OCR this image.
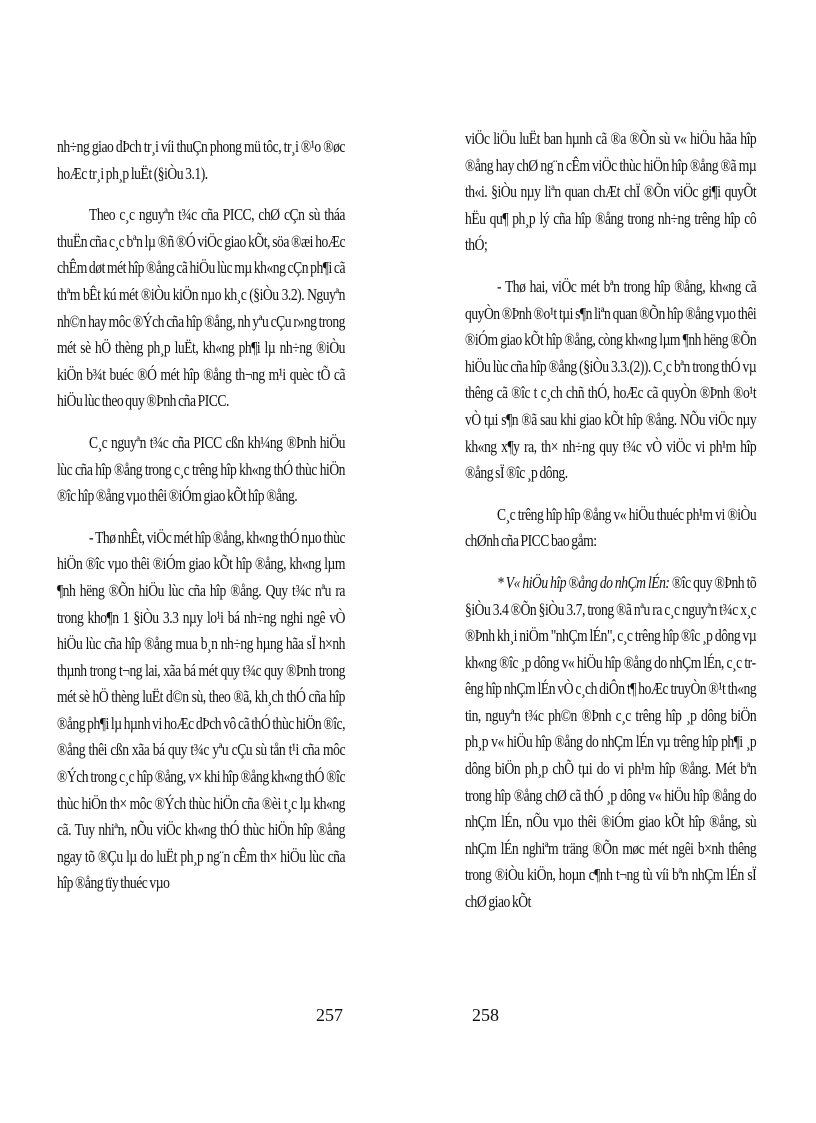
nh÷ng giao dÞch tr¸i víi thuÇn phong mü tôc, tr¸i ®¹o ®øc hoÆc tr¸i ph¸p luËt (§iÒu 3.1).

Theo c¸c nguyªn t¾c cña PICC, chØ cÇn sù tháa thuËn cña c¸c bªn lµ ®ñ ®Ó viÖc giao kÕt, söa ®æi hoÆc chÊm døt mét hîp ®ång cã hiÖu lùc mµ kh«ng cÇn ph¶i cã thªm bÊt kú mét ®iÒu kiÖn nµo kh¸c (§iÒu 3.2). Nguyªn nh©n hay môc ®Ých cña hîp ®ång, nh yªu cÇu r»ng trong mét sè hÖ thèng ph¸p luËt, kh«ng ph¶i lµ nh÷ng ®iÒu kiÖn b¾t buéc ®Ó mét hîp ®ång th¬ng m¹i quèc tÕ cã hiÖu lùc theo quy ®Þnh cña PICC.

C¸c nguyªn t¾c cña PICC cßn kh¼ng ®Þnh hiÖu lùc cña hîp ®ång trong c¸c trêng hîp kh«ng thÓ thùc hiÖn ®îc hîp ®ång vµo thêi ®iÓm giao kÕt hîp ®ång.

- Thø nhÊt, viÖc mét hîp ®ång, kh«ng thÓ nµo thùc hiÖn ®îc vµo thêi ®iÓm giao kÕt hîp ®ång, kh«ng lµm ¶nh hëng ®Õn hiÖu lùc cña hîp ®ång. Quy t¾c nªu ra trong kho¶n 1 §iÒu 3.3 nµy lo¹i bá nh÷ng nghi ngê vÒ hiÖu lùc cña hîp ®ång mua b¸n nh÷ng hµng hãa sÏ h×nh thµnh trong t¬ng lai, xãa bá mét quy t¾c quy ®Þnh trong mét sè hÖ thèng luËt d©n sù, theo ®ã, kh¸ch thÓ cña hîp ®ång ph¶i lµ hµnh vi hoÆc dÞch vô cã thÓ thùc hiÖn ®îc, ®ång thêi cßn xãa bá quy t¾c yªu cÇu sù tån t¹i cña môc ®Ých trong c¸c hîp ®ång, v× khi hîp ®ång kh«ng thÓ ®îc thùc hiÖn th× môc ®Ých thùc hiÖn cña ®èi t¸c lµ kh«ng cã. Tuy nhiªn, nÕu viÖc kh«ng thÓ thùc hiÖn hîp ®ång ngay tõ ®Çu lµ do luËt ph¸p ng¨n cÊm th× hiÖu lùc cña hîp ®ång tïy thuéc vµo

257

viÖc liÖu luËt ban hµnh cã ®a ®Õn sù v« hiÖu hãa hîp ®ång hay chØ ng¨n cÊm viÖc thùc hiÖn hîp ®ång ®ã mµ th«i. §iÒu nµy liªn quan chÆt chÏ ®Õn viÖc gi¶i quyÕt hËu qu¶ ph¸p lý cña hîp ®ång trong nh÷ng trêng hîp cô thÓ;

- Thø hai, viÖc mét bªn trong hîp ®ång, kh«ng cã quyÒn ®Þnh ®o¹t tµi s¶n liªn quan ®Õn hîp ®ång vµo thêi ®iÓm giao kÕt hîp ®ång, còng kh«ng lµm ¶nh hëng ®Õn hiÖu lùc cña hîp ®ång (§iÒu 3.3.(2)). C¸c bªn trong thÓ vµ thêng cã ®îc t c¸ch chñ thÓ, hoÆc cã quyÒn ®Þnh ®o¹t vÒ tµi s¶n ®ã sau khi giao kÕt hîp ®ång. NÕu viÖc nµy kh«ng x¶y ra, th× nh÷ng quy t¾c vÒ viÖc vi ph¹m hîp ®ång sÏ ®îc ¸p dông.

C¸c trêng hîp hîp ®ång v« hiÖu thuéc ph¹m vi ®iÒu chØnh cña PICC bao gåm:

* V« hiÖu hîp ®ång do nhÇm lÉn: ®îc quy ®Þnh tõ §iÒu 3.4 ®Õn §iÒu 3.7, trong ®ã nªu ra c¸c nguyªn t¾c x¸c ®Þnh kh¸i niÖm "nhÇm lÉn", c¸c trêng hîp ®îc ¸p dông vµ kh«ng ®îc ¸p dông v« hiÖu hîp ®ång do nhÇm lÉn, c¸c trêng hîp nhÇm lÉn vÒ c¸ch diÔn t¶ hoÆc truyÒn ®¹t th«ng tin, nguyªn t¾c ph©n ®Þnh c¸c trêng hîp ¸p dông biÖn ph¸p v« hiÖu hîp ®ång do nhÇm lÉn vµ trêng hîp ph¶i ¸p dông biÖn ph¸p chÕ tµi do vi ph¹m hîp ®ång. Mét bªn trong hîp ®ång chØ cã thÓ ¸p dông v« hiÖu hîp ®ång do nhÇm lÉn, nÕu vµo thêi ®iÓm giao kÕt hîp ®ång, sù nhÇm lÉn nghiªm träng ®Õn møc mét ngêi b×nh thêng trong ®iÒu kiÖn, hoµn c¶nh t¬ng tù víi bªn nhÇm lÉn sÏ chØ giao kÕt

258
